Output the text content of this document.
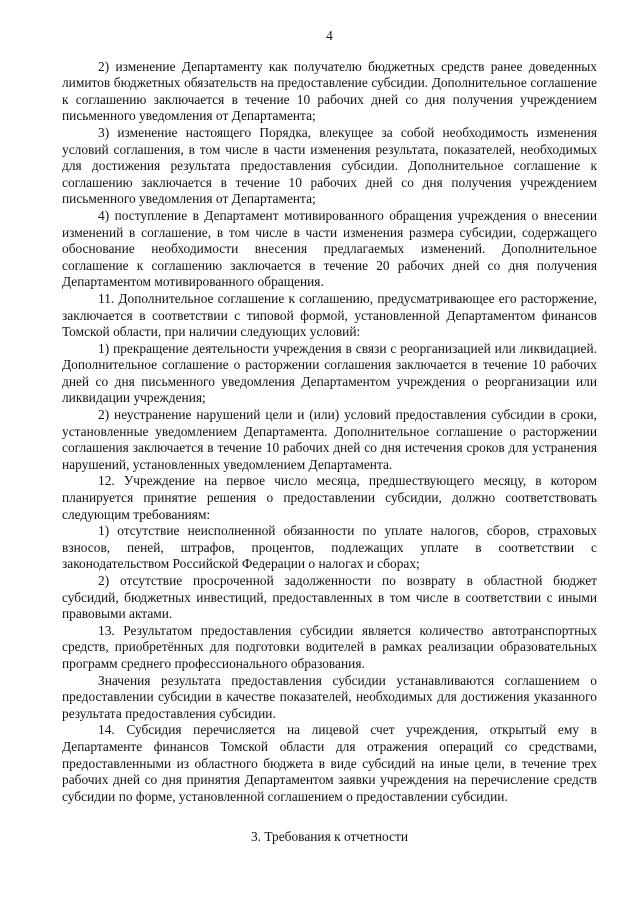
4

2) изменение Департаменту как получателю бюджетных средств ранее доведенных лимитов бюджетных обязательств на предоставление субсидии. Дополнительное соглашение к соглашению заключается в течение 10 рабочих дней со дня получения учреждением письменного уведомления от Департамента;

3) изменение настоящего Порядка, влекущее за собой необходимость изменения условий соглашения, в том числе в части изменения результата, показателей, необходимых для достижения результата предоставления субсидии. Дополнительное соглашение к соглашению заключается в течение 10 рабочих дней со дня получения учреждением письменного уведомления от Департамента;

4) поступление в Департамент мотивированного обращения учреждения о внесении изменений в соглашение, в том числе в части изменения размера субсидии, содержащего обоснование необходимости внесения предлагаемых изменений. Дополнительное соглашение к соглашению заключается в течение 20 рабочих дней со дня получения Департаментом мотивированного обращения.

11. Дополнительное соглашение к соглашению, предусматривающее его расторжение, заключается в соответствии с типовой формой, установленной Департаментом финансов Томской области, при наличии следующих условий:

1) прекращение деятельности учреждения в связи с реорганизацией или ликвидацией. Дополнительное соглашение о расторжении соглашения заключается в течение 10 рабочих дней со дня письменного уведомления Департаментом учреждения о реорганизации или ликвидации учреждения;

2) неустранение нарушений цели и (или) условий предоставления субсидии в сроки, установленные уведомлением Департамента. Дополнительное соглашение о расторжении соглашения заключается в течение 10 рабочих дней со дня истечения сроков для устранения нарушений, установленных уведомлением Департамента.

12. Учреждение на первое число месяца, предшествующего месяцу, в котором планируется принятие решения о предоставлении субсидии, должно соответствовать следующим требованиям:

1) отсутствие неисполненной обязанности по уплате налогов, сборов, страховых взносов, пеней, штрафов, процентов, подлежащих уплате в соответствии с законодательством Российской Федерации о налогах и сборах;

2) отсутствие просроченной задолженности по возврату в областной бюджет субсидий, бюджетных инвестиций, предоставленных в том числе в соответствии с иными правовыми актами.

13. Результатом предоставления субсидии является количество автотранспортных средств, приобретённых для подготовки водителей в рамках реализации образовательных программ среднего профессионального образования.

Значения результата предоставления субсидии устанавливаются соглашением о предоставлении субсидии в качестве показателей, необходимых для достижения указанного результата предоставления субсидии.

14. Субсидия перечисляется на лицевой счет учреждения, открытый ему в Департаменте финансов Томской области для отражения операций со средствами, предоставленными из областного бюджета в виде субсидий на иные цели, в течение трех рабочих дней со дня принятия Департаментом заявки учреждения на перечисление средств субсидии по форме, установленной соглашением о предоставлении субсидии.

3. Требования к отчетности
